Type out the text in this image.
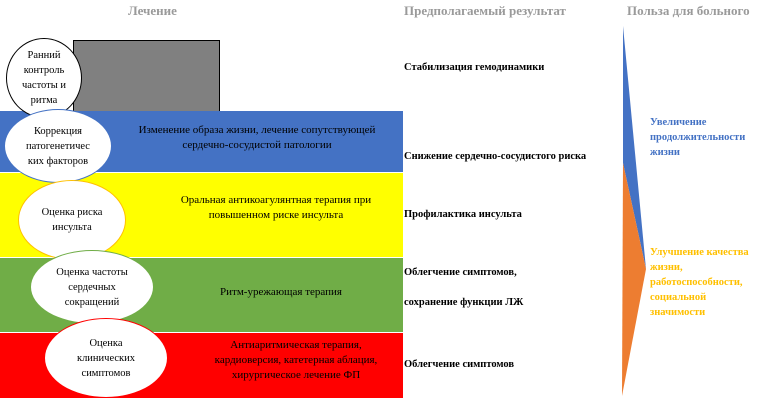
Лечение	Предполагаемый результат	Польза для больного
Изменение образа жизни, лечение сопутствующей
сердечно-сосудистой патологии
Оральная антикоагулянтная терапия при
повышенном риске инсульта
Ритм-урежающая терапия
Антиаритмическая терапия,
кардиоверсия, катетерная аблация,
хирургическое лечение ФП
Ранний
контроль
частоты и
ритма
Коррекция
патогенетичес
ких факторов
Оценка риска
инсульта
Оценка частоты
сердечных
сокращений
Оценка
клинических
симптомов
Стабилизация гемодинамики
Снижение сердечно-сосудистого риска
Профилактика инсульта
Облегчение симптомов,
сохранение функции ЛЖ
Облегчение симптомов
Увеличение
продолжительности
жизни
Улучшение качества
жизни,
работоспособности,
социальной
значимости
